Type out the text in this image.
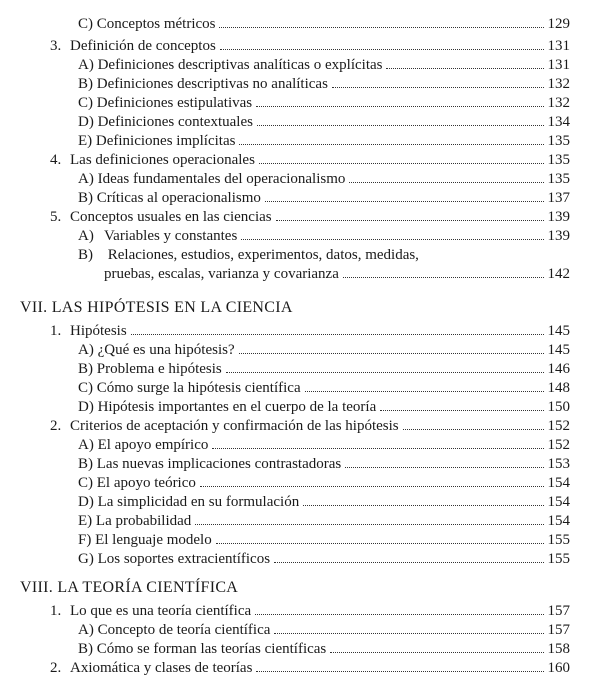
C) Conceptos métricos	129
3. Definición de conceptos	131
A) Definiciones descriptivas analíticas o explícitas	131
B) Definiciones descriptivas no analíticas	132
C) Definiciones estipulativas	132
D) Definiciones contextuales	134
E) Definiciones implícitas	135
4. Las definiciones operacionales	135
A) Ideas fundamentales del operacionalismo	135
B) Críticas al operacionalismo	137
5. Conceptos usuales en las ciencias	139
A) Variables y constantes	139
B) Relaciones, estudios, experimentos, datos, medidas,
pruebas, escalas, varianza y covarianza	142
VII. LAS HIPÓTESIS EN LA CIENCIA
1. Hipótesis	145
A) ¿Qué es una hipótesis?	145
B) Problema e hipótesis	146
C) Cómo surge la hipótesis científica	148
D) Hipótesis importantes en el cuerpo de la teoría	150
2. Criterios de aceptación y confirmación de las hipótesis	152
A) El apoyo empírico	152
B) Las nuevas implicaciones contrastadoras	153
C) El apoyo teórico	154
D) La simplicidad en su formulación	154
E) La probabilidad	154
F) El lenguaje modelo	155
G) Los soportes extracientíficos	155
VIII. LA TEORÍA CIENTÍFICA
1. Lo que es una teoría científica	157
A) Concepto de teoría científica	157
B) Cómo se forman las teorías científicas	158
2. Axiomática y clases de teorías	160
